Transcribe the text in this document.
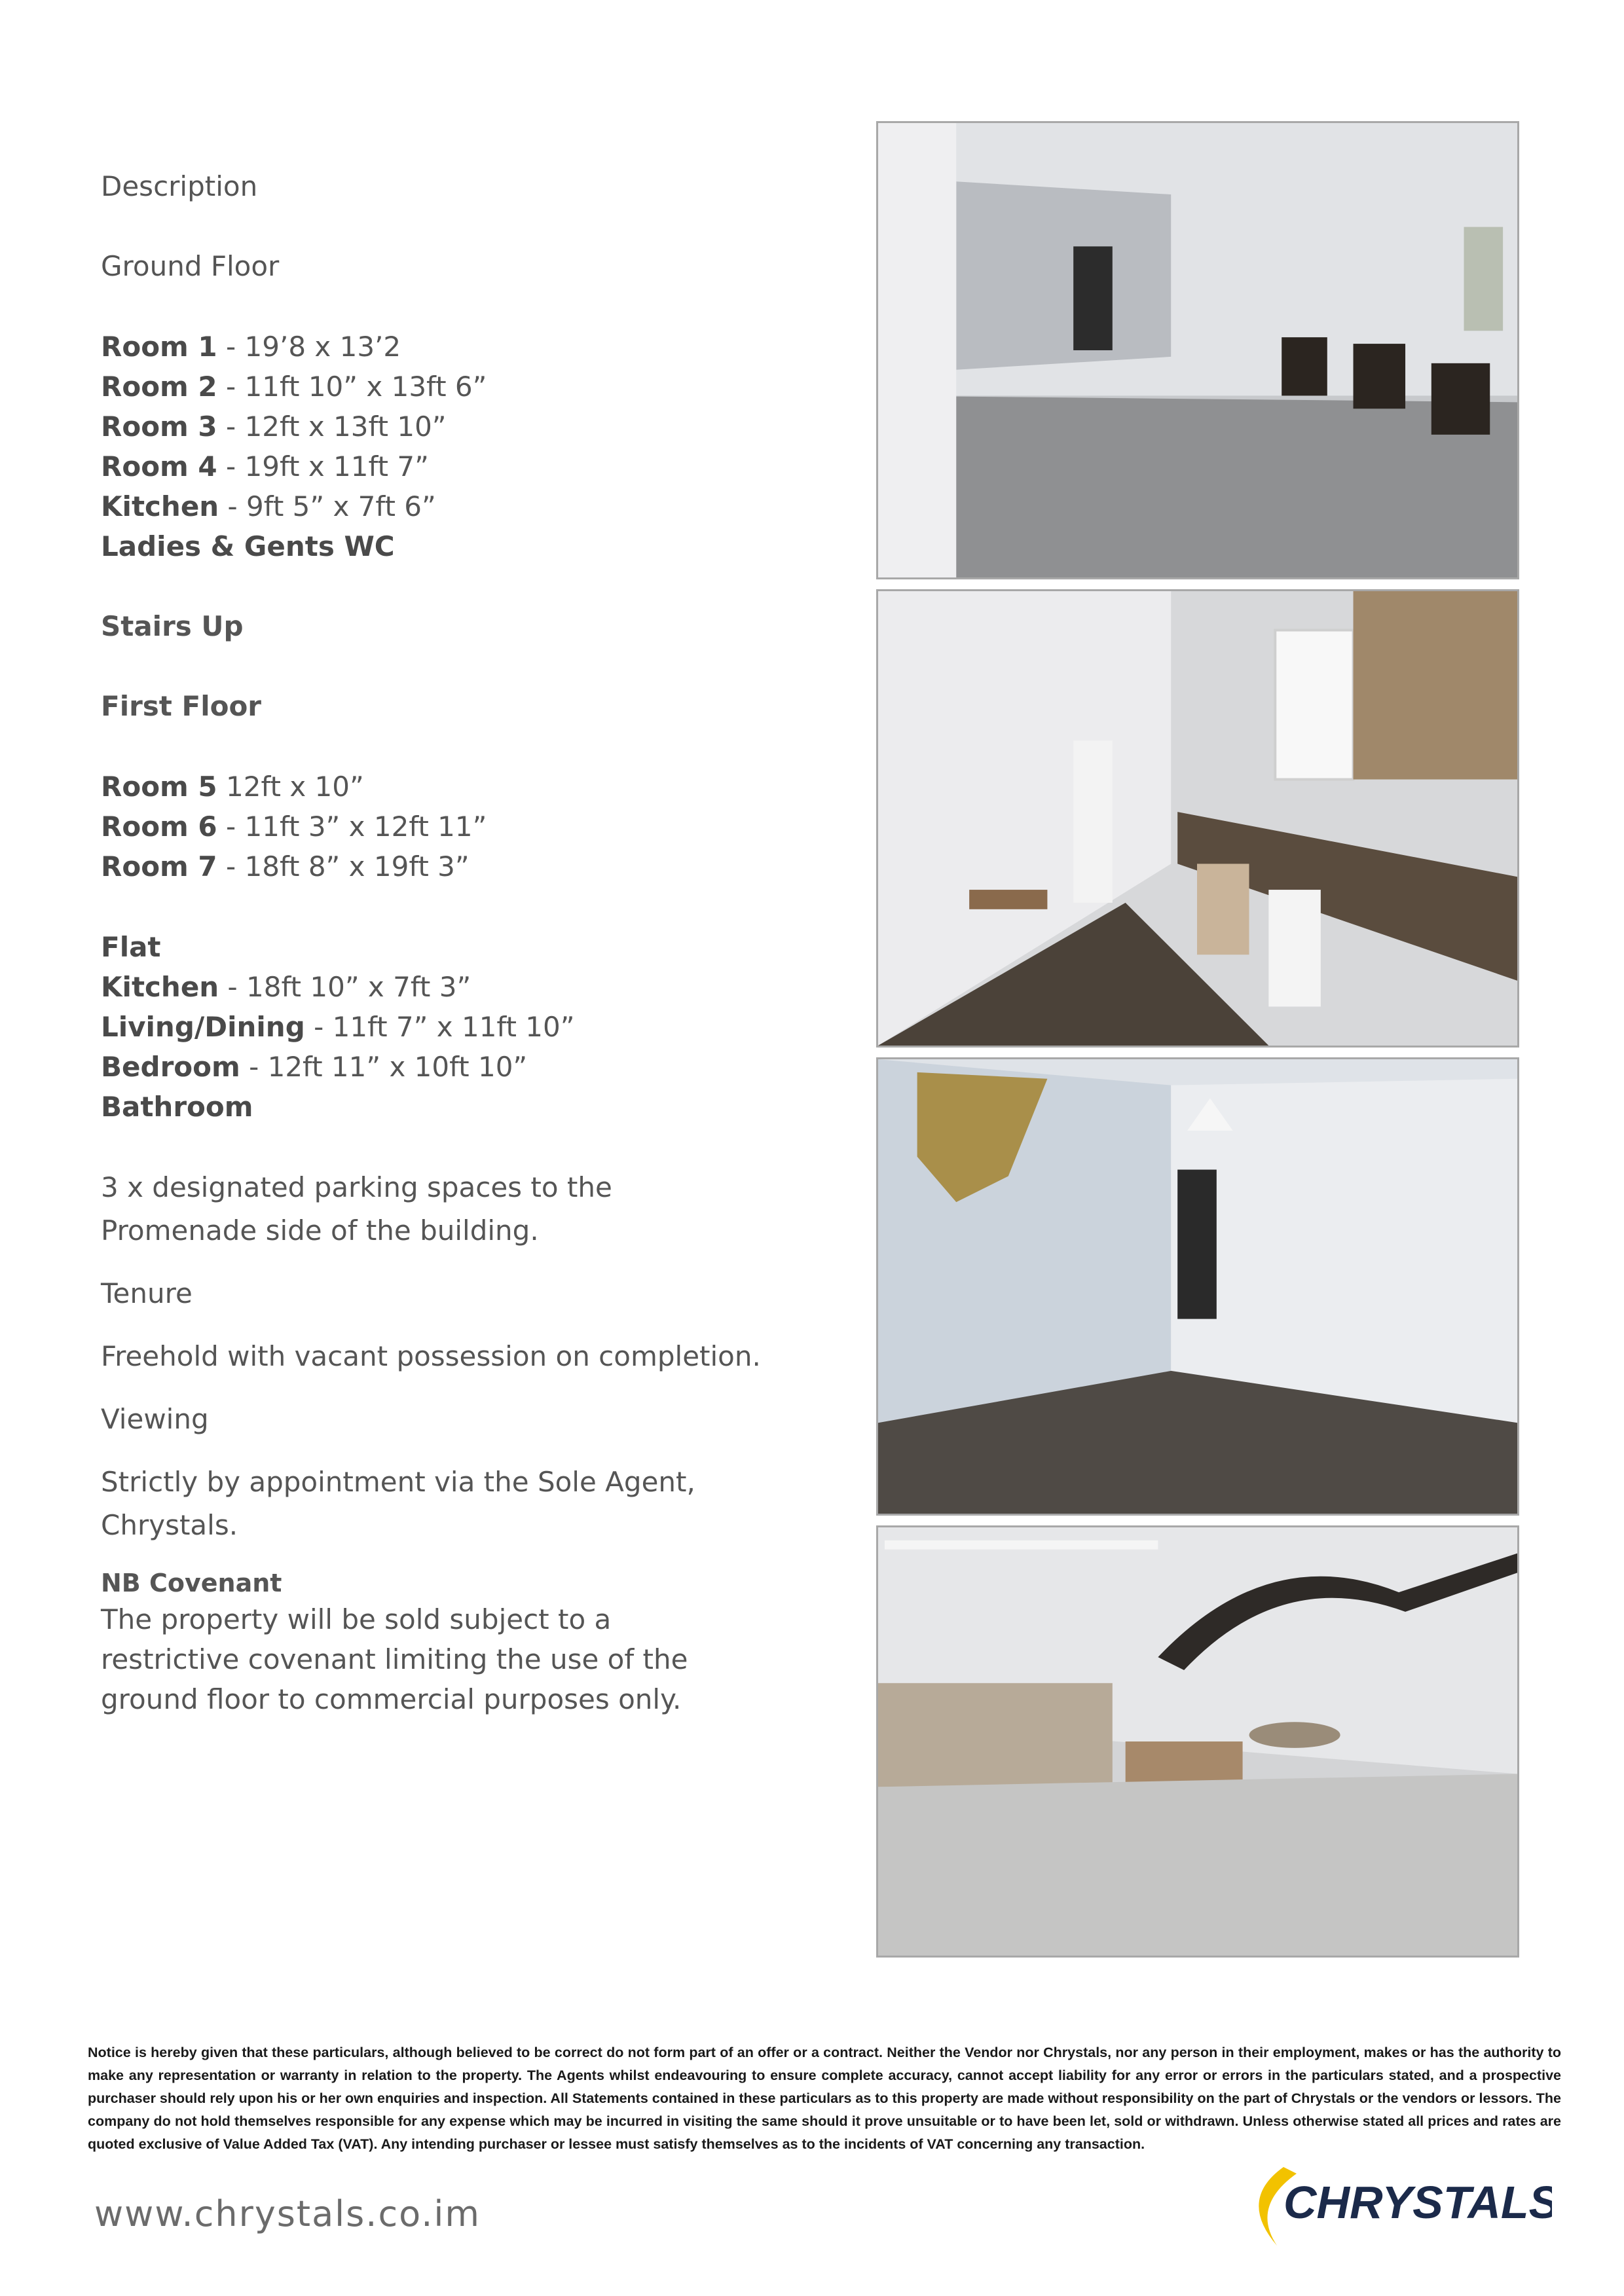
Description

Ground Floor

Room 1 - 19’8 x 13’2

Room 2 - 11ft 10” x 13ft 6”

Room 3 - 12ft x 13ft 10”

Room 4 - 19ft x 11ft 7”

Kitchen - 9ft 5” x 7ft 6”

Ladies & Gents WC

Stairs Up

First Floor

Room 5 12ft x 10”

Room 6 - 11ft 3” x 12ft 11”

Room 7 - 18ft 8” x 19ft 3”

Flat

Kitchen - 18ft 10” x 7ft 3”

Living/Dining - 11ft 7” x 11ft 10”

Bedroom - 12ft 11” x 10ft 10”

Bathroom

3 x designated parking spaces to the Promenade side of the building.

Tenure

Freehold with vacant possession on completion.

Viewing

Strictly by appointment via the Sole Agent, Chrystals.

NB Covenant

The property will be sold subject to a restrictive covenant limiting the use of the ground floor to commercial purposes only.

Notice is hereby given that these particulars, although believed to be correct do not form part of an offer or a contract. Neither the Vendor nor Chrystals, nor any person in their employment, makes or has the authority to make any representation or warranty in relation to the property. The Agents whilst endeavouring to ensure complete accuracy, cannot accept liability for any error or errors in the particulars stated, and a prospective purchaser should rely upon his or her own enquiries and inspection. All Statements contained in these particulars as to this property are made without responsibility on the part of Chrystals or the vendors or lessors. The company do not hold themselves responsible for any expense which may be incurred in visiting the same should it prove unsuitable or to have been let, sold or withdrawn. Unless otherwise stated all prices and rates are quoted exclusive of Value Added Tax (VAT). Any intending purchaser or lessee must satisfy themselves as to the incidents of VAT concerning any transaction.
www.chrystals.co.im	CHRYSTALS
